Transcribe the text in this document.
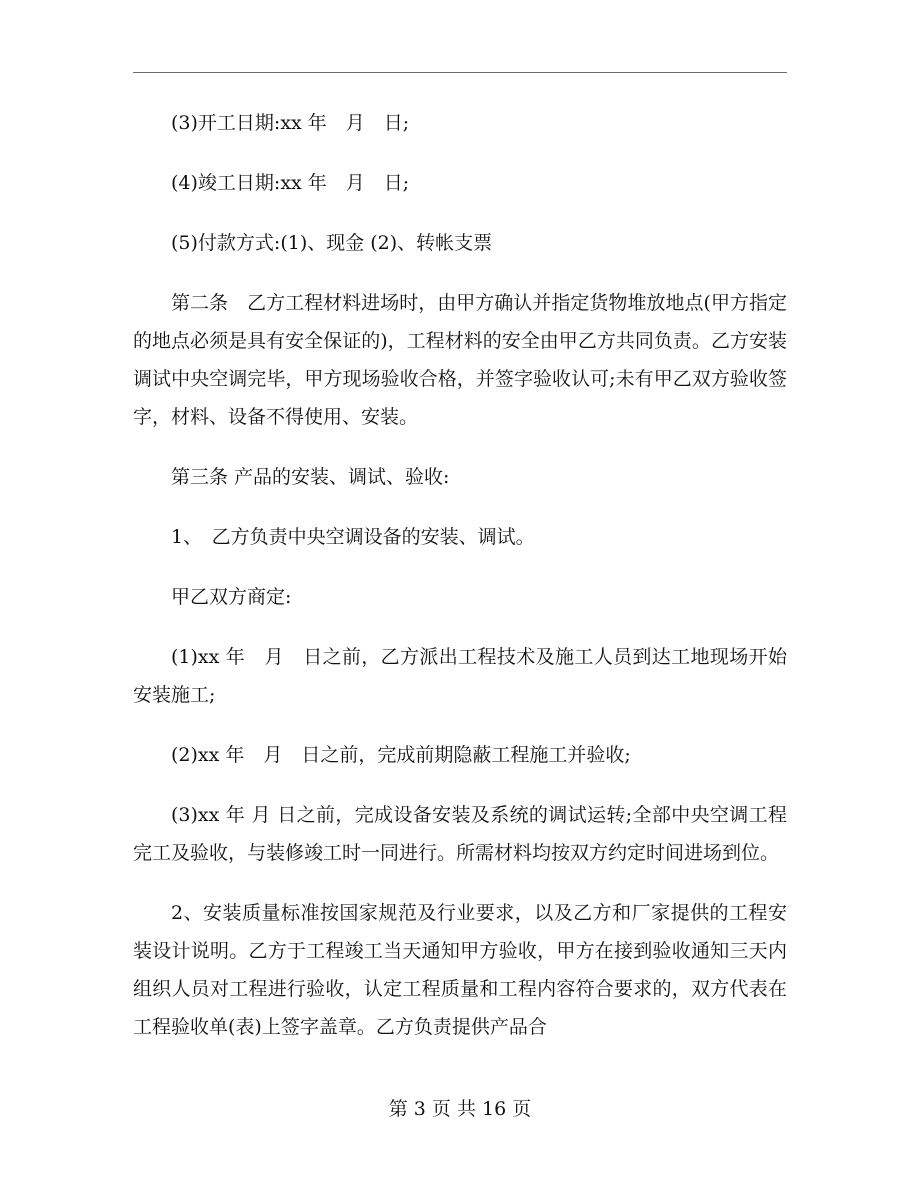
(3)开工日期:xx 年　月　日;

(4)竣工日期:xx 年　月　日;

(5)付款方式:(1)、现金 (2)、转帐支票

第二条　乙方工程材料进场时，由甲方确认并指定货物堆放地点(甲方指定的地点必须是具有安全保证的)，工程材料的安全由甲乙方共同负责。乙方安装调试中央空调完毕，甲方现场验收合格，并签字验收认可;未有甲乙双方验收签字，材料、设备不得使用、安装。

第三条 产品的安装、调试、验收:

1、　乙方负责中央空调设备的安装、调试。

甲乙双方商定:

(1)xx 年　月　日之前，乙方派出工程技术及施工人员到达工地现场开始安装施工;

(2)xx 年　月　日之前，完成前期隐蔽工程施工并验收;

(3)xx 年 月 日之前，完成设备安装及系统的调试运转;全部中央空调工程完工及验收，与装修竣工时一同进行。所需材料均按双方约定时间进场到位。

2、安装质量标准按国家规范及行业要求，以及乙方和厂家提供的工程安装设计说明。乙方于工程竣工当天通知甲方验收，甲方在接到验收通知三天内组织人员对工程进行验收，认定工程质量和工程内容符合要求的，双方代表在工程验收单(表)上签字盖章。乙方负责提供产品合

第 3 页 共 16 页
